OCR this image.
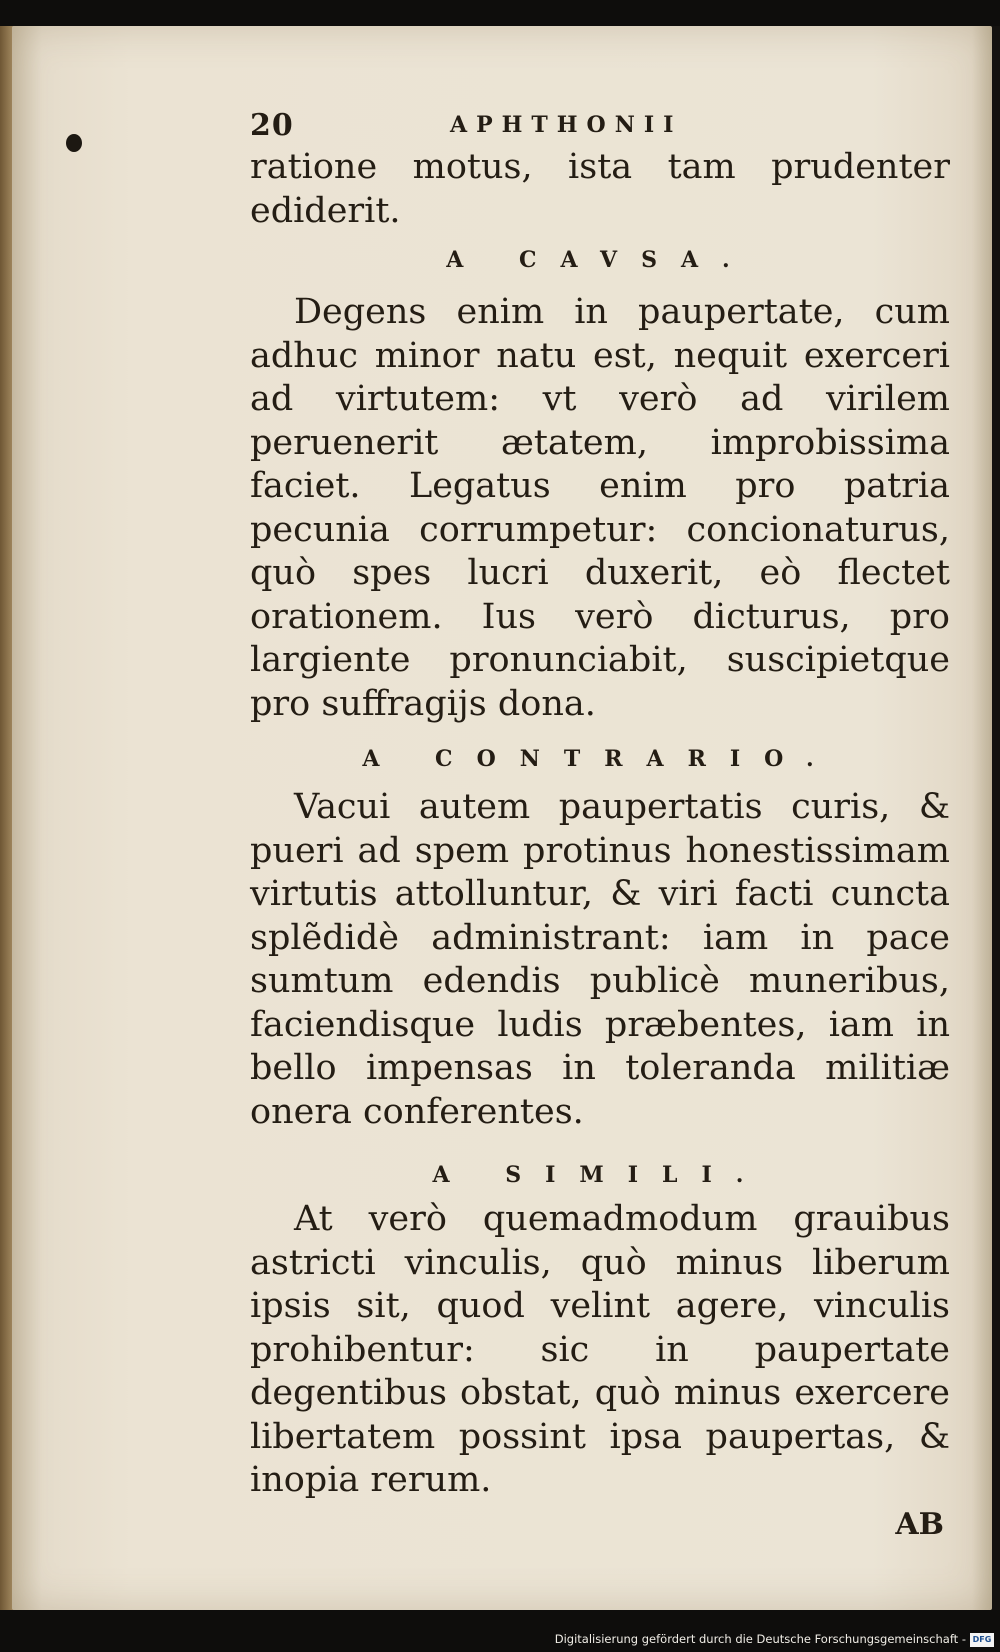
20	APHTHONII

ratione motus, ista tam prudenter ediderit.

A CAVSA.

Degens enim in paupertate, cum adhuc minor natu est, nequit exerceri ad virtutem: vt verò ad virilem peruenerit ætatem, improbissima faciet. Legatus enim pro patria pecunia corrumpetur: concionaturus, quò spes lucri duxerit, eò flectet orationem. Ius verò dicturus, pro largiente pronunciabit, suscipietque pro suffragijs dona.

A CONTRARIO.

Vacui autem paupertatis curis, & pueri ad spem protinus honestissimam virtutis attolluntur, & viri facti cuncta splẽdidè administrant: iam in pace sumtum edendis publicè muneribus, faciendisque ludis præbentes, iam in bello impensas in toleranda militiæ onera conferentes.

A SIMILI.

At verò quemadmodum grauibus astricti vinculis, quò minus liberum ipsis sit, quod velint agere, vinculis prohibentur: sic in paupertate degentibus obstat, quò minus exercere libertatem possint ipsa paupertas, & inopia rerum.

AB
Digitalisierung gefördert durch die Deutsche Forschungsgemeinschaft - DFG
